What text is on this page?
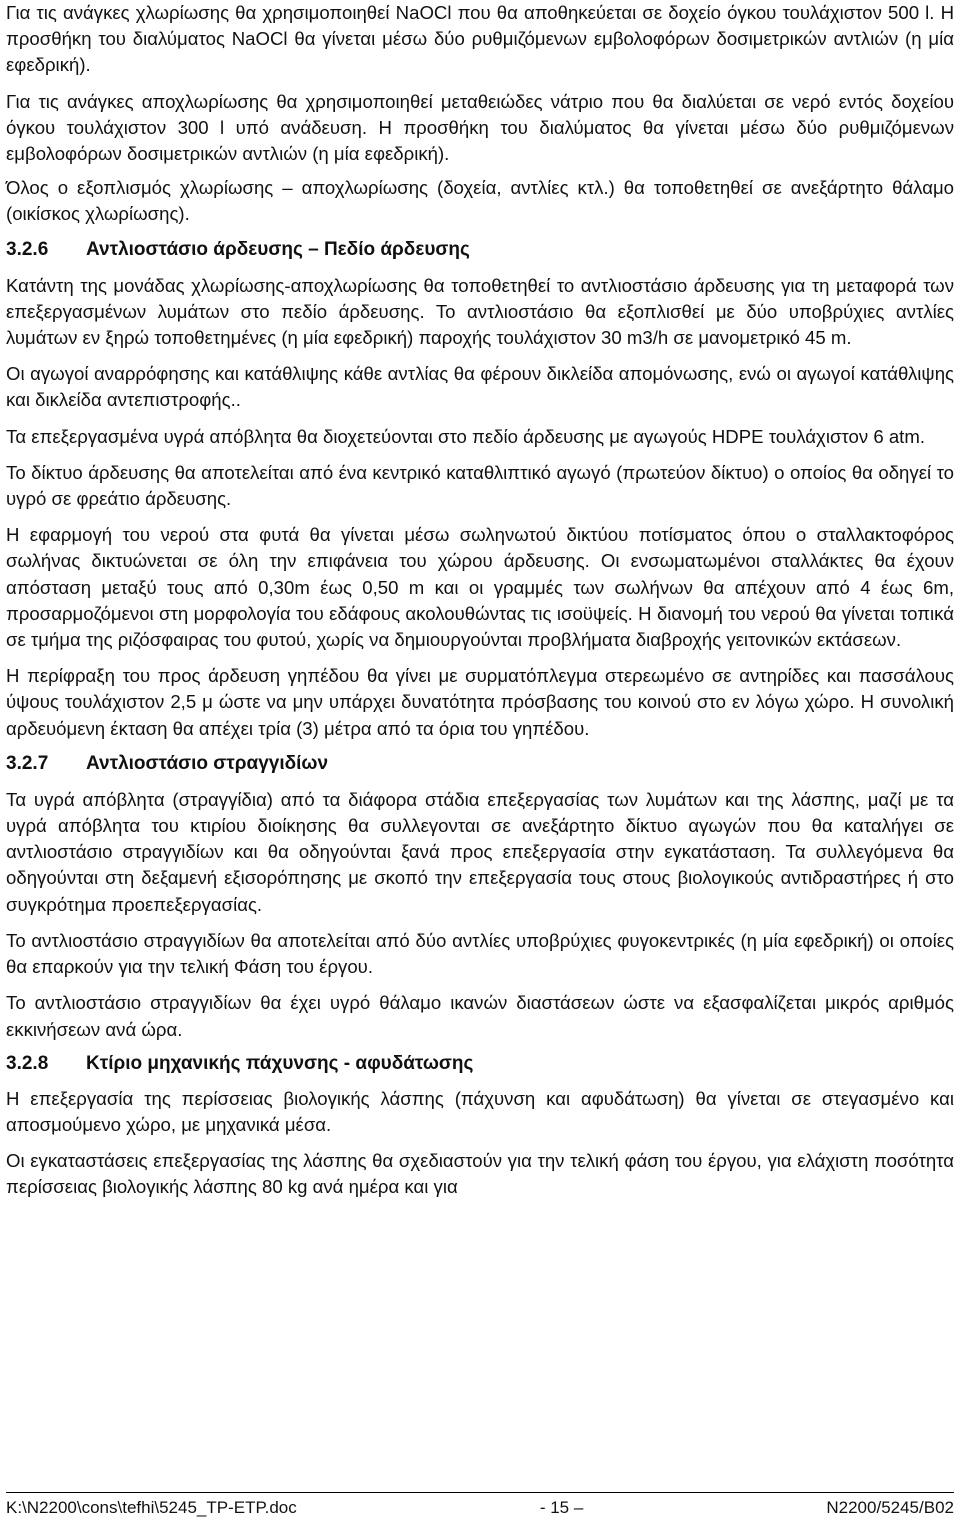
Για τις ανάγκες χλωρίωσης θα χρησιμοποιηθεί NaOCl που θα αποθηκεύεται σε δοχείο όγκου τουλάχιστον 500 l. Η προσθήκη του διαλύματος NaOCl θα γίνεται μέσω δύο ρυθμιζόμενων εμβολοφόρων δοσιμετρικών αντλιών (η μία εφεδρική).

Για τις ανάγκες αποχλωρίωσης θα χρησιμοποιηθεί μεταθειώδες νάτριο που θα διαλύεται σε νερό εντός δοχείου όγκου τουλάχιστον 300 l υπό ανάδευση. Η προσθήκη του διαλύματος θα γίνεται μέσω δύο ρυθμιζόμενων εμβολοφόρων δοσιμετρικών αντλιών (η μία εφεδρική).

Όλος ο εξοπλισμός χλωρίωσης – αποχλωρίωσης (δοχεία, αντλίες κτλ.) θα τοποθετηθεί σε ανεξάρτητο θάλαμο (οικίσκος χλωρίωσης).

3.2.6	Αντλιοστάσιο άρδευσης – Πεδίο άρδευσης

Κατάντη της μονάδας χλωρίωσης-αποχλωρίωσης θα τοποθετηθεί το αντλιοστάσιο άρδευσης για τη μεταφορά των επεξεργασμένων λυμάτων στο πεδίο άρδευσης. Το αντλιοστάσιο θα εξοπλισθεί με δύο υποβρύχιες αντλίες λυμάτων εν ξηρώ τοποθετημένες (η μία εφεδρική) παροχής τουλάχιστον 30 m3/h σε μανομετρικό 45 m.

Οι αγωγοί αναρρόφησης και κατάθλιψης κάθε αντλίας θα φέρουν δικλείδα απομόνωσης, ενώ οι αγωγοί κατάθλιψης και δικλείδα αντεπιστροφής..

Τα επεξεργασμένα υγρά απόβλητα θα διοχετεύονται στο πεδίο άρδευσης με αγωγούς HDPE τουλάχιστον 6 atm.

Το δίκτυο άρδευσης θα αποτελείται από ένα κεντρικό καταθλιπτικό αγωγό (πρωτεύον δίκτυο) ο οποίος θα οδηγεί το υγρό σε φρεάτιο άρδευσης.

Η εφαρμογή του νερού στα φυτά θα γίνεται μέσω σωληνωτού δικτύου ποτίσματος όπου ο σταλλακτοφόρος σωλήνας δικτυώνεται σε όλη την επιφάνεια του χώρου άρδευσης. Οι ενσωματωμένοι σταλλάκτες θα έχουν απόσταση μεταξύ τους από 0,30m έως 0,50 m και οι γραμμές των σωλήνων θα απέχουν από 4 έως 6m, προσαρμοζόμενοι στη μορφολογία του εδάφους ακολουθώντας τις ισοϋψείς. Η διανομή του νερού θα γίνεται τοπικά σε τμήμα της ριζόσφαιρας του φυτού, χωρίς να δημιουργούνται προβλήματα διαβροχής γειτονικών εκτάσεων.

Η περίφραξη του προς άρδευση γηπέδου θα γίνει με συρματόπλεγμα στερεωμένο σε αντηρίδες και πασσάλους ύψους τουλάχιστον 2,5 μ ώστε να μην υπάρχει δυνατότητα πρόσβασης του κοινού στο εν λόγω χώρο. Η συνολική αρδευόμενη έκταση θα απέχει τρία (3) μέτρα από τα όρια του γηπέδου.

3.2.7	Αντλιοστάσιο στραγγιδίων

Τα υγρά απόβλητα (στραγγίδια) από τα διάφορα στάδια επεξεργασίας των λυμάτων και της λάσπης, μαζί με τα υγρά απόβλητα του κτιρίου διοίκησης θα συλλεγονται σε ανεξάρτητο δίκτυο αγωγών που θα καταλήγει σε αντλιοστάσιο στραγγιδίων και θα οδηγούνται ξανά προς επεξεργασία στην εγκατάσταση. Τα συλλεγόμενα θα οδηγούνται στη δεξαμενή εξισορόπησης με σκοπό την επεξεργασία τους στους βιολογικούς αντιδραστήρες ή στο συγκρότημα προεπεξεργασίας.

Το αντλιοστάσιο στραγγιδίων θα αποτελείται από δύο αντλίες υποβρύχιες φυγοκεντρικές (η μία εφεδρική) οι οποίες θα επαρκούν για την τελική Φάση του έργου.

Το αντλιοστάσιο στραγγιδίων θα έχει υγρό θάλαμο ικανών διαστάσεων ώστε να εξασφαλίζεται μικρός αριθμός εκκινήσεων ανά ώρα.

3.2.8	Κτίριο μηχανικής πάχυνσης - αφυδάτωσης

Η επεξεργασία της περίσσειας βιολογικής λάσπης (πάχυνση και αφυδάτωση) θα γίνεται σε στεγασμένο και αποσμούμενο χώρο, με μηχανικά μέσα.

Οι εγκαταστάσεις επεξεργασίας της λάσπης θα σχεδιαστούν για την τελική φάση του έργου, για ελάχιστη ποσότητα περίσσειας βιολογικής λάσπης 80 kg ανά ημέρα και για

K:\N2200\cons\tefhi\5245_TP-ETP.doc	- 15 –	N2200/5245/B02
